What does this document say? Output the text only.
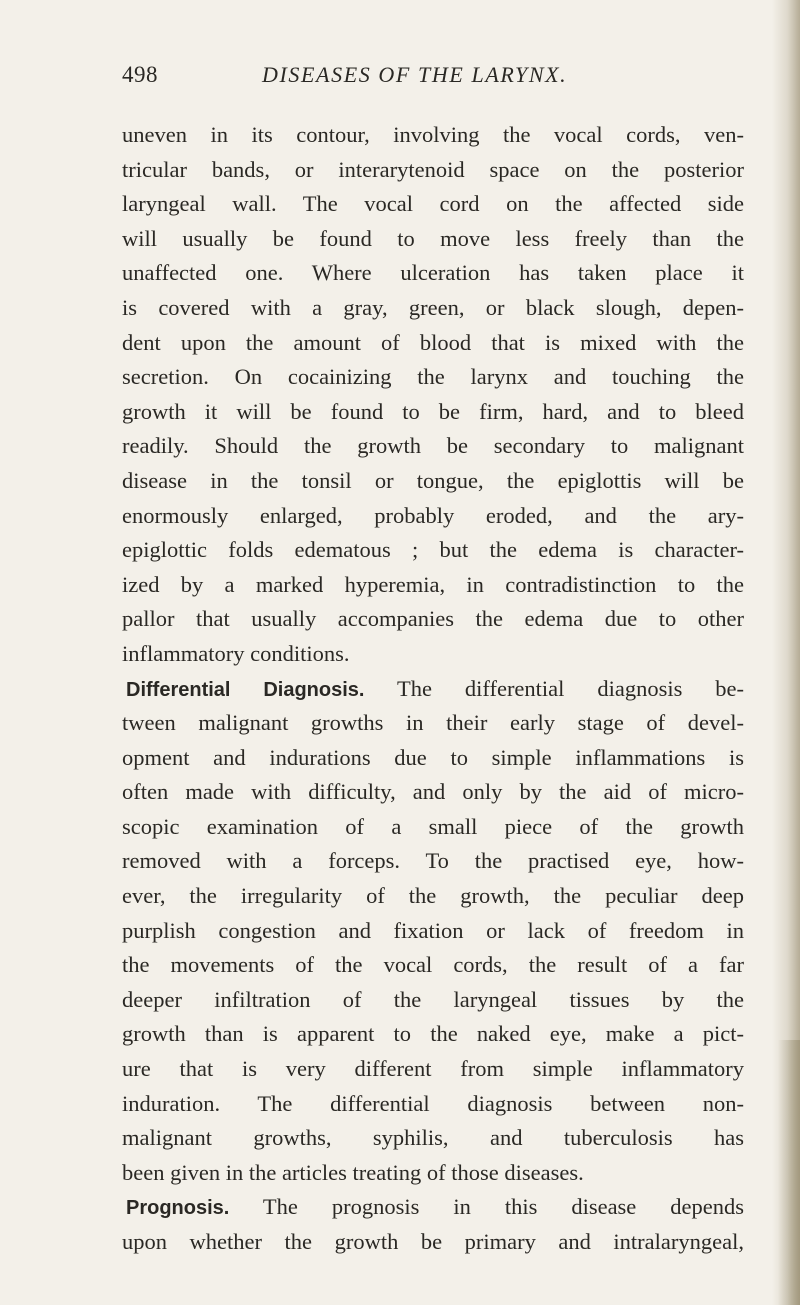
498	DISEASES OF THE LARYNX.
uneven in its contour, involving the vocal cords, ven-
tricular bands, or interarytenoid space on the posterior
laryngeal wall. The vocal cord on the affected side
will usually be found to move less freely than the
unaffected one. Where ulceration has taken place it
is covered with a gray, green, or black slough, depen-
dent upon the amount of blood that is mixed with the
secretion. On cocainizing the larynx and touching the
growth it will be found to be firm, hard, and to bleed
readily. Should the growth be secondary to malignant
disease in the tonsil or tongue, the epiglottis will be
enormously enlarged, probably eroded, and the ary-
epiglottic folds edematous ; but the edema is character-
ized by a marked hyperemia, in contradistinction to the
pallor that usually accompanies the edema due to other
inflammatory conditions.
Differential Diagnosis. The differential diagnosis be-
tween malignant growths in their early stage of devel-
opment and indurations due to simple inflammations is
often made with difficulty, and only by the aid of micro-
scopic examination of a small piece of the growth
removed with a forceps. To the practised eye, how-
ever, the irregularity of the growth, the peculiar deep
purplish congestion and fixation or lack of freedom in
the movements of the vocal cords, the result of a far
deeper infiltration of the laryngeal tissues by the
growth than is apparent to the naked eye, make a pict-
ure that is very different from simple inflammatory
induration. The differential diagnosis between non-
malignant growths, syphilis, and tuberculosis has
been given in the articles treating of those diseases.
Prognosis. The prognosis in this disease depends
upon whether the growth be primary and intralaryngeal,
